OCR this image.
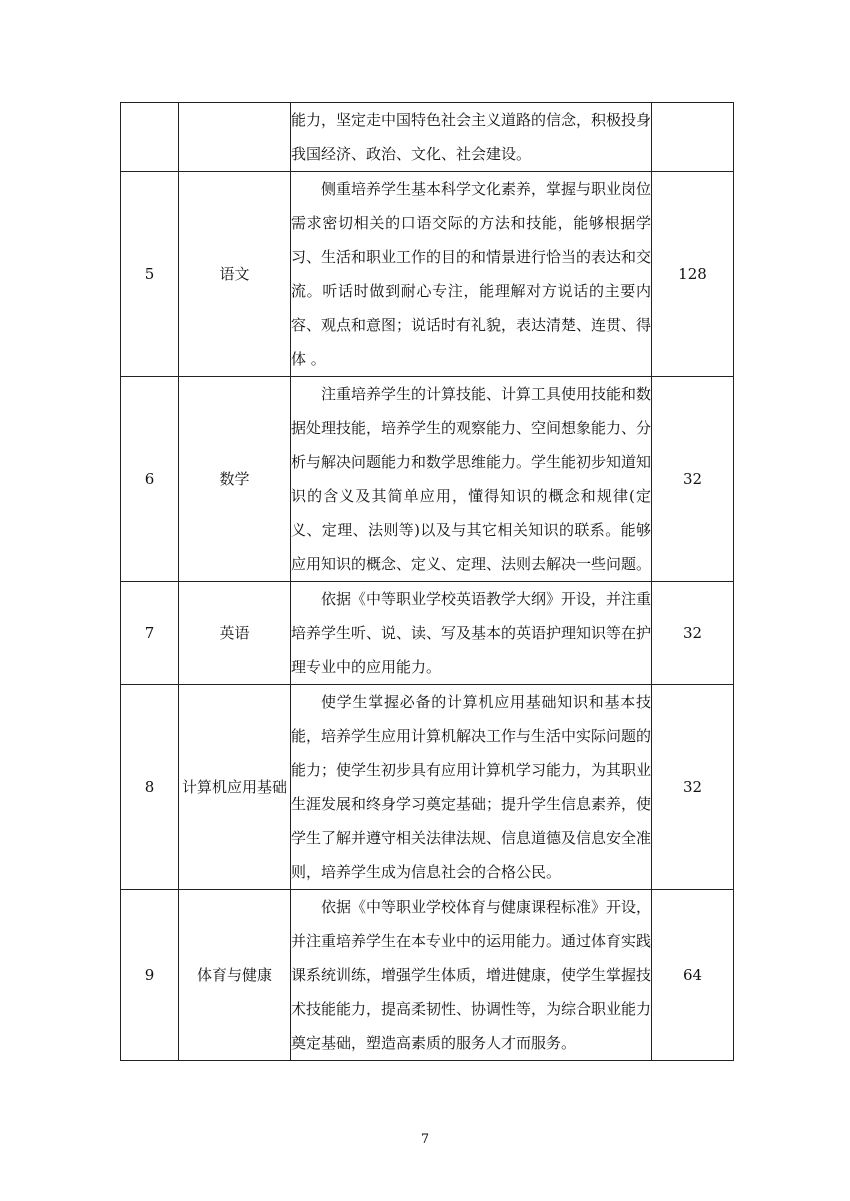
		能力，坚定走中国特色社会主义道路的信念，积极投身我国经济、政治、文化、社会建设。	

5	语文	侧重培养学生基本科学文化素养，掌握与职业岗位需求密切相关的口语交际的方法和技能，能够根据学习、生活和职业工作的目的和情景进行恰当的表达和交流。听话时做到耐心专注，能理解对方说话的主要内容、观点和意图；说话时有礼貌，表达清楚、连贯、得 体 。	128
6	数学	注重培养学生的计算技能、计算工具使用技能和数据处理技能，培养学生的观察能力、空间想象能力、分析与解决问题能力和数学思维能力。学生能初步知道知识的含义及其简单应用，懂得知识的概念和规律(定义、定理、法则等)以及与其它相关知识的联系。能够应用知识的概念、定义、定理、法则去解决一些问题。	32
7	英语	依据《中等职业学校英语教学大纲》开设，并注重培养学生听、说、读、写及基本的英语护理知识等在护理专业中的应用能力。	32
8	计算机应用基础	使学生掌握必备的计算机应用基础知识和基本技能，培养学生应用计算机解决工作与生活中实际问题的能力；使学生初步具有应用计算机学习能力，为其职业生涯发展和终身学习奠定基础；提升学生信息素养，使学生了解并遵守相关法律法规、信息道德及信息安全准则，培养学生成为信息社会的合格公民。	32
9	体育与健康	依据《中等职业学校体育与健康课程标准》开设，并注重培养学生在本专业中的运用能力。通过体育实践课系统训练，增强学生体质，增进健康，使学生掌握技术技能能力，提高柔韧性、协调性等，为综合职业能力奠定基础，塑造高素质的服务人才而服务。	64
7
